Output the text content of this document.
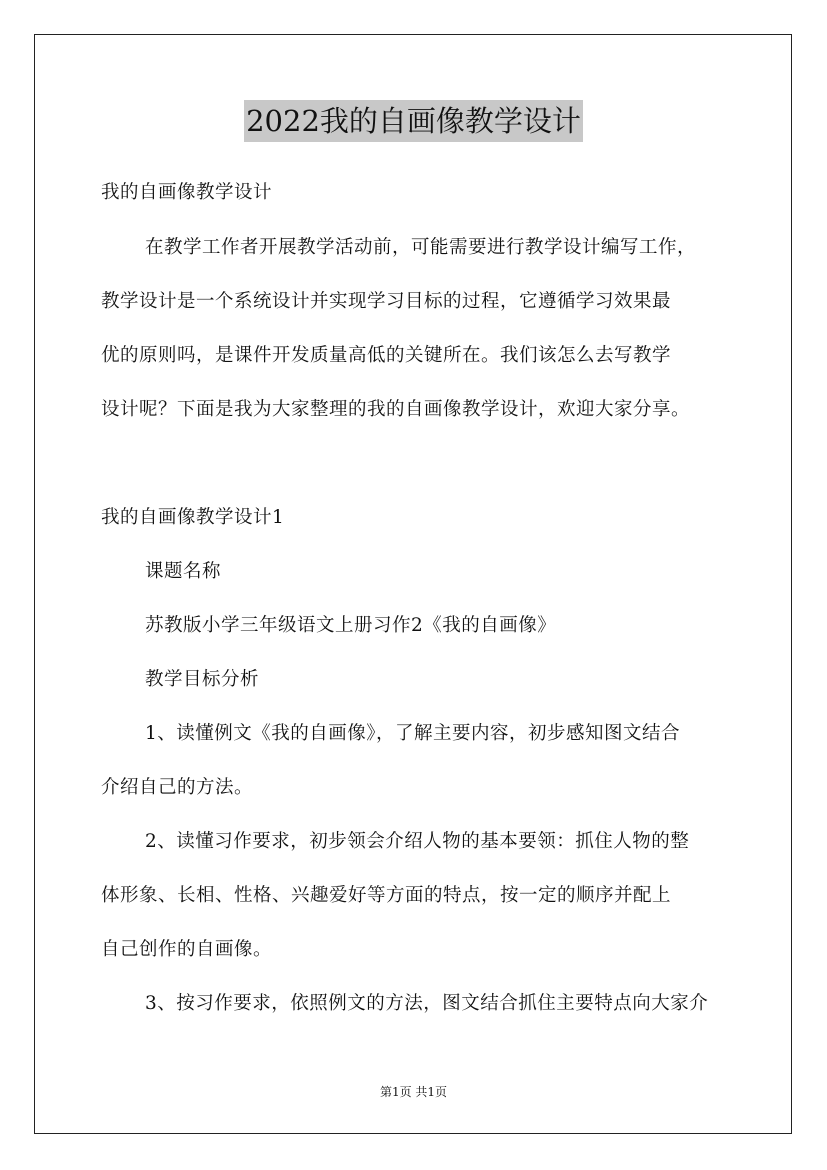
2022我的自画像教学设计
我的自画像教学设计
在教学工作者开展教学活动前，可能需要进行教学设计编写工作，
教学设计是一个系统设计并实现学习目标的过程，它遵循学习效果最
优的原则吗，是课件开发质量高低的关键所在。我们该怎么去写教学
设计呢？下面是我为大家整理的我的自画像教学设计，欢迎大家分享。
我的自画像教学设计1
课题名称
苏教版小学三年级语文上册习作2《我的自画像》
教学目标分析
1、读懂例文《我的自画像》，了解主要内容，初步感知图文结合
介绍自己的方法。
2、读懂习作要求，初步领会介绍人物的基本要领：抓住人物的整
体形象、长相、性格、兴趣爱好等方面的特点，按一定的顺序并配上
自己创作的自画像。
3、按习作要求，依照例文的方法，图文结合抓住主要特点向大家介
第1页 共1页
